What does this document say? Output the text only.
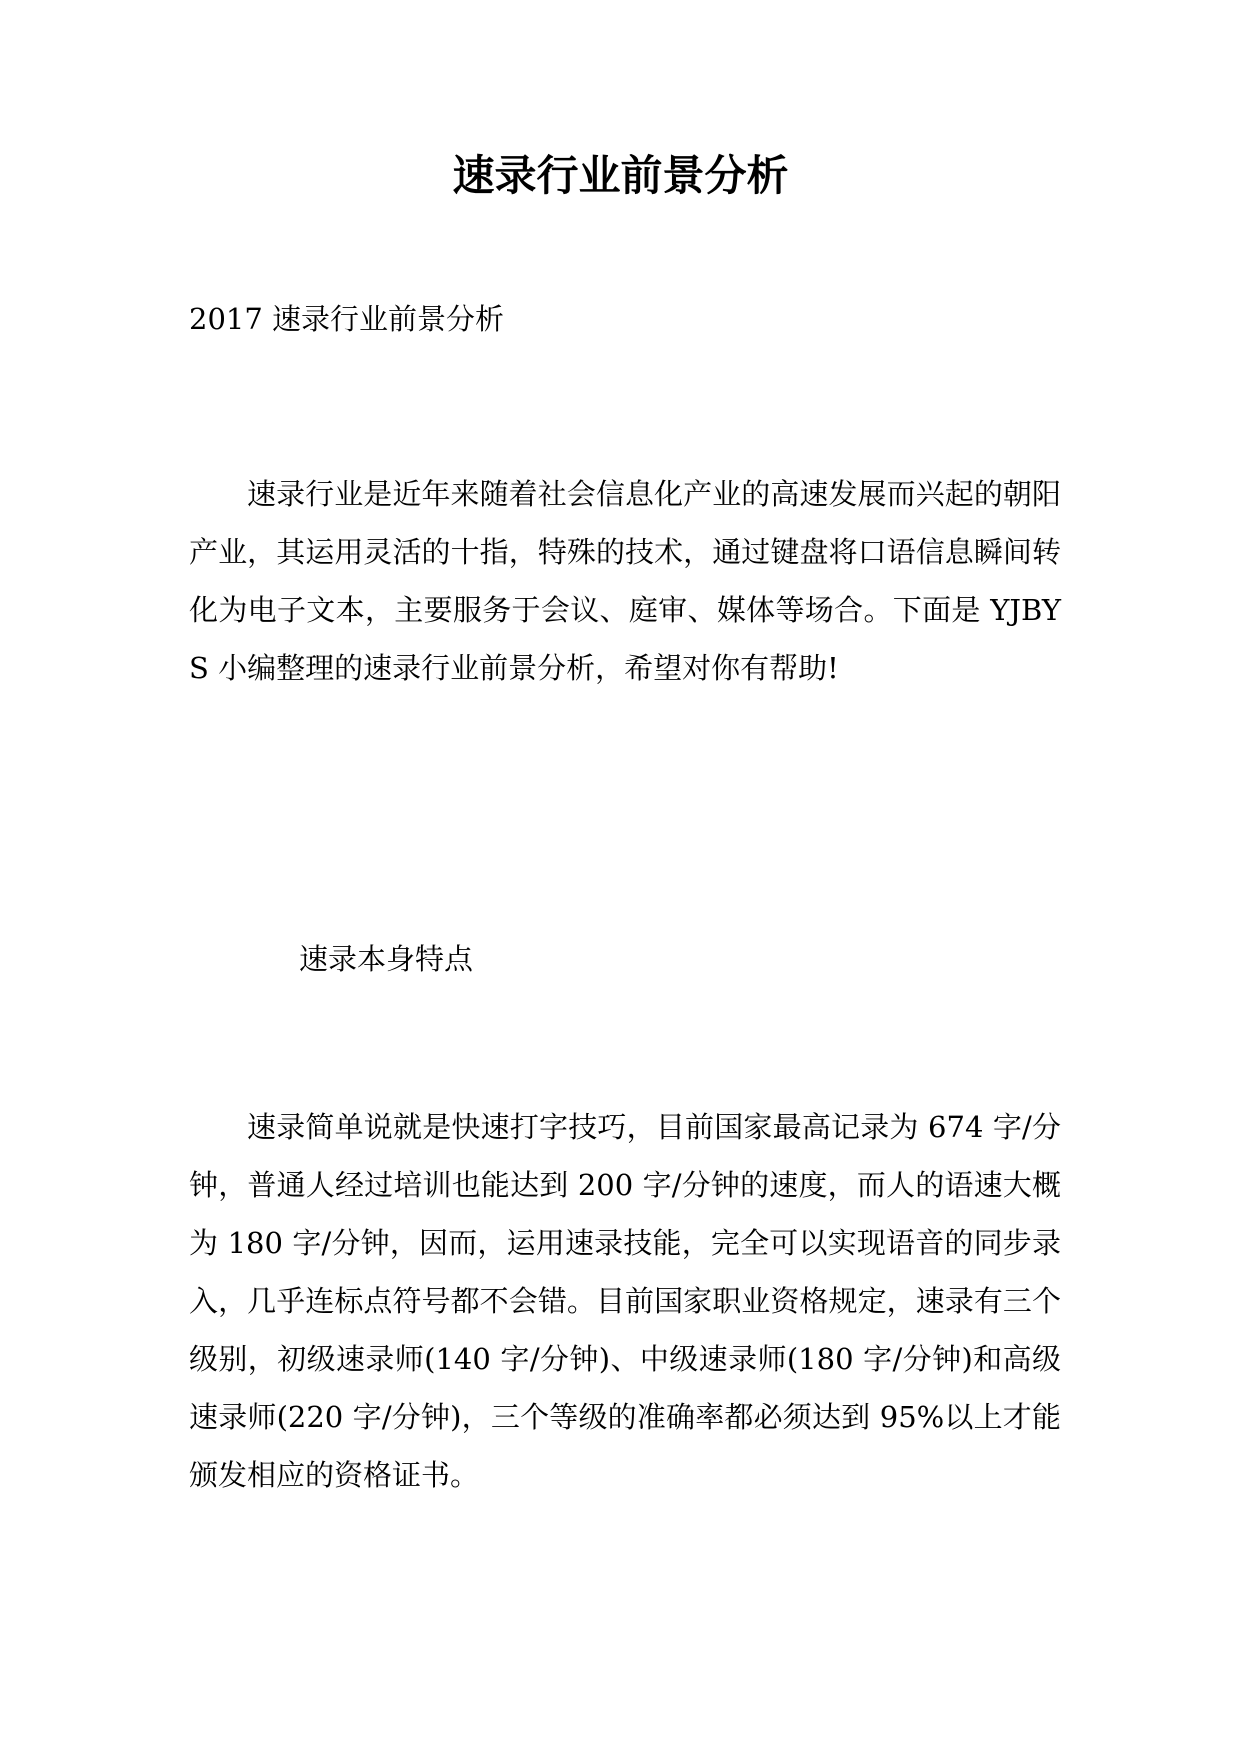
速录行业前景分析

2017 速录行业前景分析

速录行业是近年来随着社会信息化产业的高速发展而兴起的朝阳产业，其运用灵活的十指，特殊的技术，通过键盘将口语信息瞬间转化为电子文本，主要服务于会议、庭审、媒体等场合。下面是 YJBYS 小编整理的速录行业前景分析，希望对你有帮助!

速录本身特点

速录简单说就是快速打字技巧，目前国家最高记录为 674 字/分钟，普通人经过培训也能达到 200 字/分钟的速度，而人的语速大概为 180 字/分钟，因而，运用速录技能，完全可以实现语音的同步录入，几乎连标点符号都不会错。目前国家职业资格规定，速录有三个级别，初级速录师(140 字/分钟)、中级速录师(180 字/分钟)和高级速录师(220 字/分钟)，三个等级的准确率都必须达到 95%以上才能颁发相应的资格证书。
